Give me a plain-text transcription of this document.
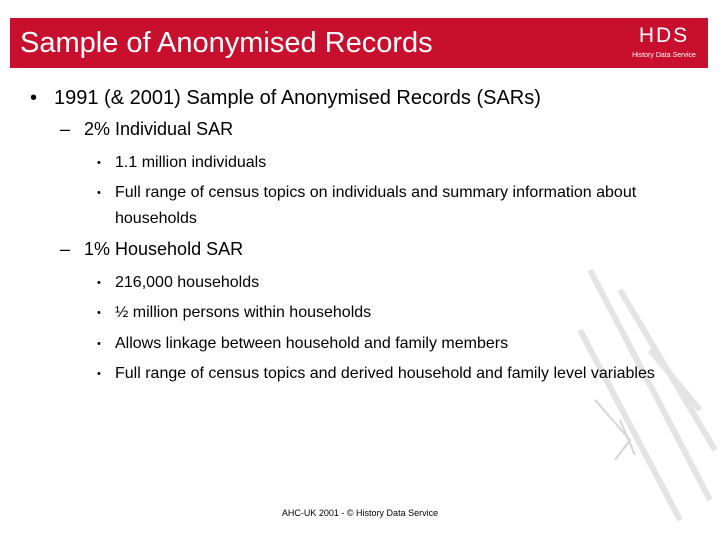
Sample of Anonymised Records	HDS
History Data Service
• 1991 (& 2001) Sample of Anonymised Records (SARs)
– 2% Individual SAR
• 1.1 million individuals
• Full range of census topics on individuals and summary information about households
– 1% Household SAR
• 216,000 households
• ½ million persons within households
• Allows linkage between household and family members
• Full range of census topics and derived household and family level variables
AHC-UK 2001 - © History Data Service
